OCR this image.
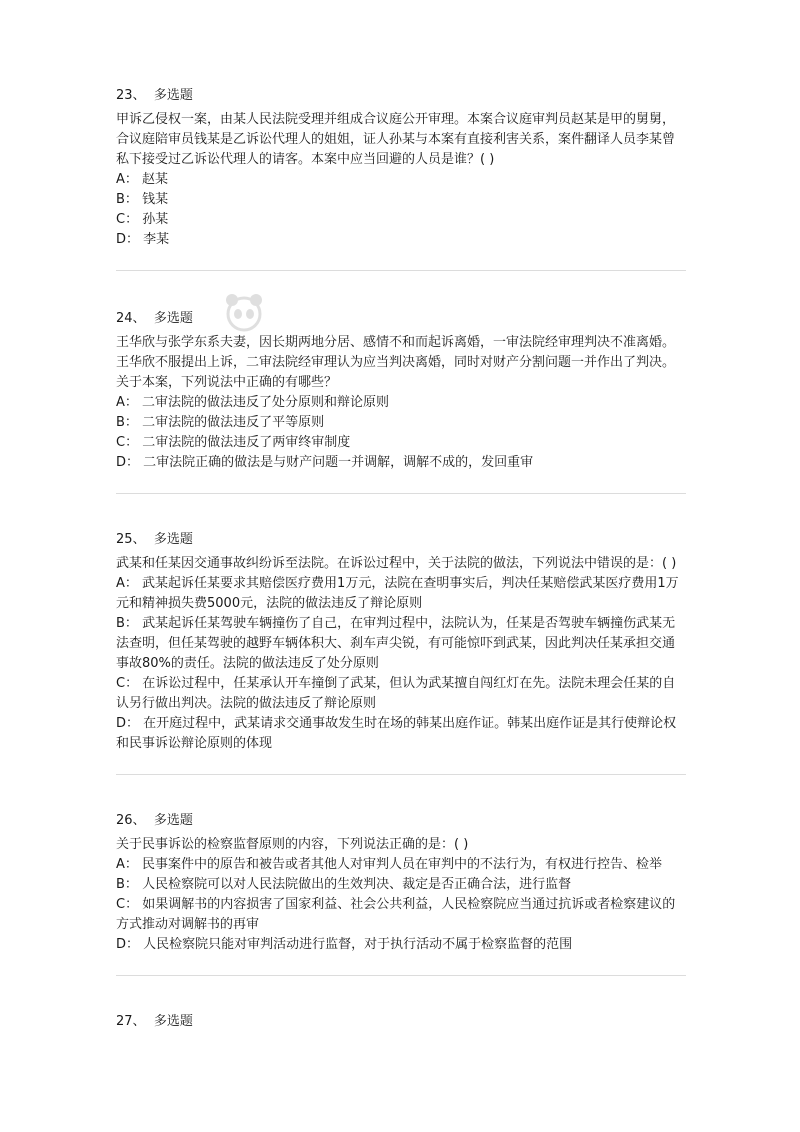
23、  多选题
甲诉乙侵权一案，由某人民法院受理并组成合议庭公开审理。本案合议庭审判员赵某是甲的舅舅，合议庭陪审员钱某是乙诉讼代理人的姐姐，证人孙某与本案有直接利害关系，案件翻译人员李某曾私下接受过乙诉讼代理人的请客。本案中应当回避的人员是谁？( )
A： 赵某
B： 钱某
C： 孙某
D： 李某
24、  多选题
王华欣与张学东系夫妻，因长期两地分居、感情不和而起诉离婚，一审法院经审理判决不准离婚。王华欣不服提出上诉，二审法院经审理认为应当判决离婚，同时对财产分割问题一并作出了判决。关于本案，下列说法中正确的有哪些？
A： 二审法院的做法违反了处分原则和辩论原则
B： 二审法院的做法违反了平等原则
C： 二审法院的做法违反了两审终审制度
D： 二审法院正确的做法是与财产问题一并调解，调解不成的，发回重审
25、  多选题
武某和任某因交通事故纠纷诉至法院。在诉讼过程中，关于法院的做法，下列说法中错误的是：( )
A： 武某起诉任某要求其赔偿医疗费用1万元，法院在查明事实后，判决任某赔偿武某医疗费用1万元和精神损失费5000元，法院的做法违反了辩论原则
B： 武某起诉任某驾驶车辆撞伤了自己，在审判过程中，法院认为，任某是否驾驶车辆撞伤武某无法查明，但任某驾驶的越野车辆体积大、刹车声尖锐，有可能惊吓到武某，因此判决任某承担交通事故80%的责任。法院的做法违反了处分原则
C： 在诉讼过程中，任某承认开车撞倒了武某，但认为武某擅自闯红灯在先。法院未理会任某的自认另行做出判决。法院的做法违反了辩论原则
D： 在开庭过程中，武某请求交通事故发生时在场的韩某出庭作证。韩某出庭作证是其行使辩论权和民事诉讼辩论原则的体现
26、  多选题
关于民事诉讼的检察监督原则的内容，下列说法正确的是：( )
A： 民事案件中的原告和被告或者其他人对审判人员在审判中的不法行为，有权进行控告、检举
B： 人民检察院可以对人民法院做出的生效判决、裁定是否正确合法，进行监督
C： 如果调解书的内容损害了国家利益、社会公共利益，人民检察院应当通过抗诉或者检察建议的方式推动对调解书的再审
D： 人民检察院只能对审判活动进行监督，对于执行活动不属于检察监督的范围
27、  多选题
